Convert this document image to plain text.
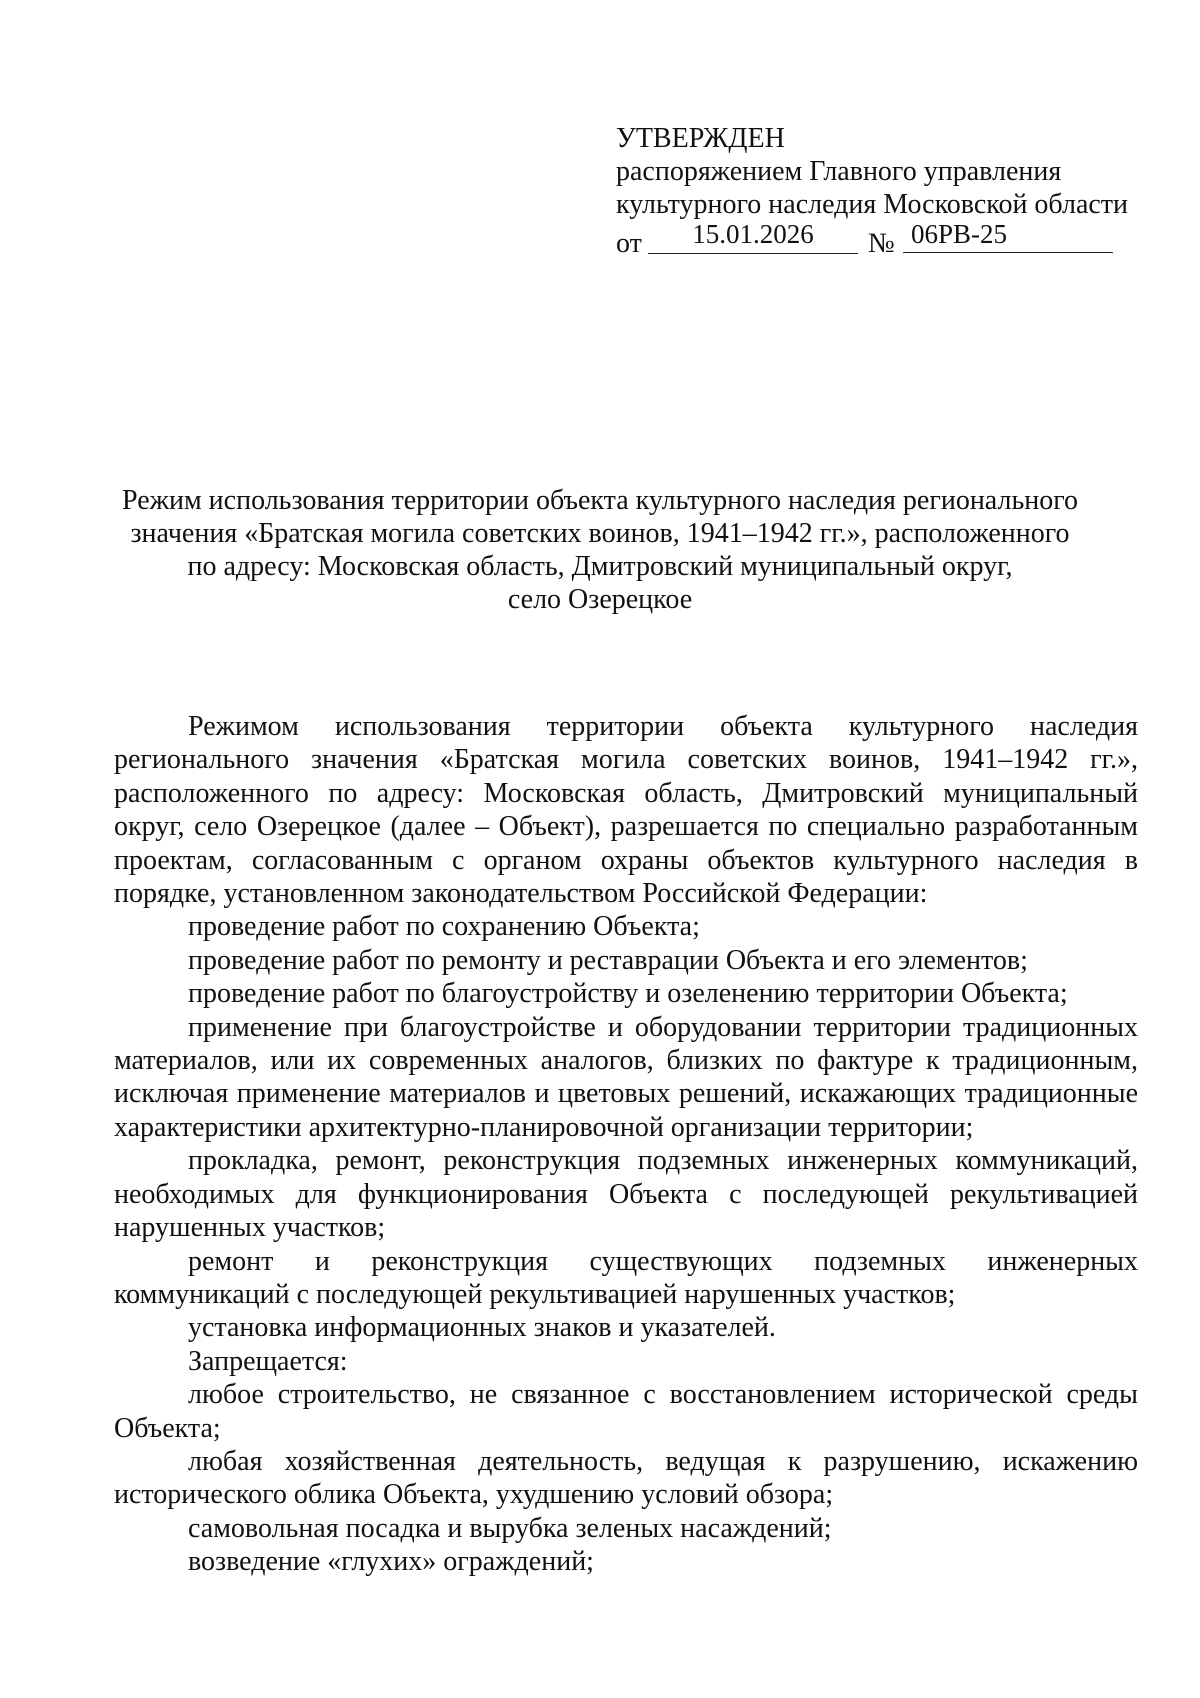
УТВЕРЖДЕН
распоряжением Главного управления
культурного наследия Московской области
от	15.01.2026	№ 06РВ-25
Режим использования территории объекта культурного наследия регионального
значения «Братская могила советских воинов, 1941–1942 гг.», расположенного
по адресу: Московская область, Дмитровский муниципальный округ,
село Озерецкое

Режимом использования территории объекта культурного наследия регионального значения «Братская могила советских воинов, 1941–1942 гг.», расположенного по адресу: Московская область, Дмитровский муниципальный округ, село Озерецкое (далее – Объект), разрешается по специально разработанным проектам, согласованным с органом охраны объектов культурного наследия в порядке, установленном законодательством Российской Федерации:

проведение работ по сохранению Объекта;

проведение работ по ремонту и реставрации Объекта и его элементов;

проведение работ по благоустройству и озеленению территории Объекта;

применение при благоустройстве и оборудовании территории традиционных материалов, или их современных аналогов, близких по фактуре к традиционным, исключая применение материалов и цветовых решений, искажающих традиционные характеристики архитектурно-планировочной организации территории;

прокладка, ремонт, реконструкция подземных инженерных коммуникаций, необходимых для функционирования Объекта с последующей рекультивацией нарушенных участков;

ремонт и реконструкция существующих подземных инженерных коммуникаций с последующей рекультивацией нарушенных участков;

установка информационных знаков и указателей.

Запрещается:

любое строительство, не связанное с восстановлением исторической среды Объекта;

любая хозяйственная деятельность, ведущая к разрушению, искажению исторического облика Объекта, ухудшению условий обзора;

самовольная посадка и вырубка зеленых насаждений;

возведение «глухих» ограждений;
